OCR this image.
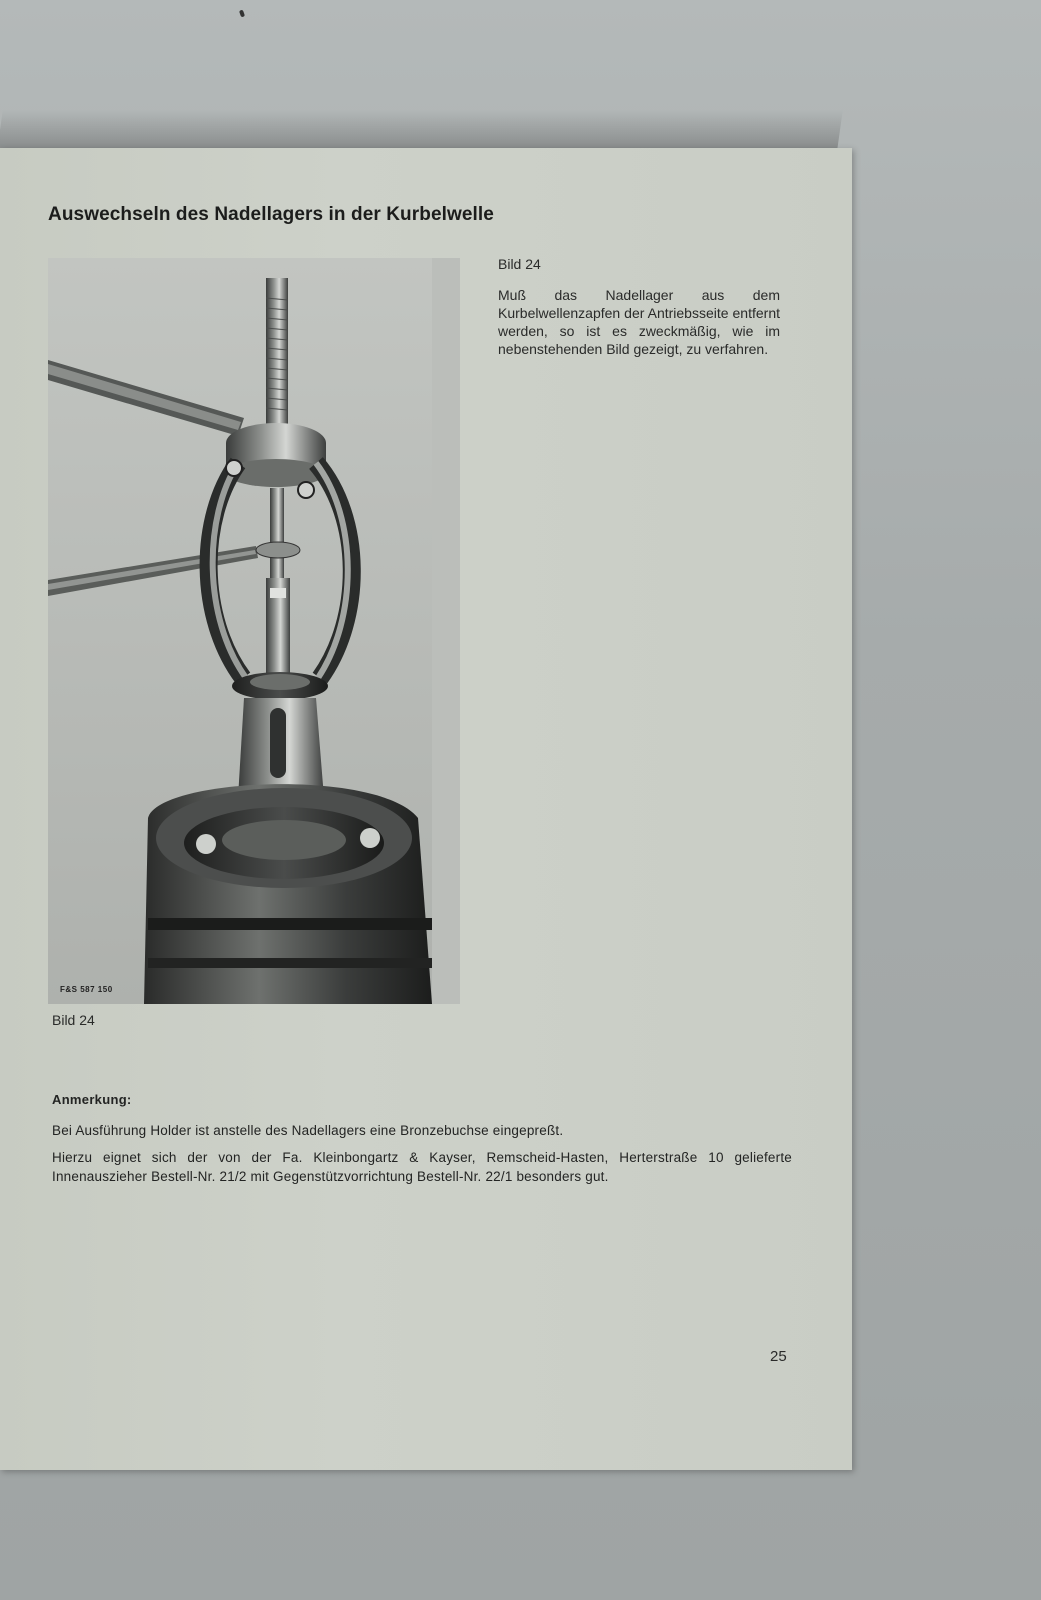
Auswechseln des Nadellagers in der Kurbelwelle
F&S 587 150
Bild 24

Bild 24

Muß das Nadellager aus dem Kurbelwellenzapfen der Antriebsseite entfernt werden, so ist es zweckmäßig, wie im nebenstehenden Bild gezeigt, zu verfahren.

Anmerkung:

Bei Ausführung Holder ist anstelle des Nadellagers eine Bronzebuchse eingepreßt.

Hierzu eignet sich der von der Fa. Kleinbongartz & Kayser, Remscheid-Hasten, Herterstraße 10 gelieferte Innenauszieher Bestell-Nr. 21/2 mit Gegenstützvorrichtung Bestell-Nr. 22/1 besonders gut.

25
